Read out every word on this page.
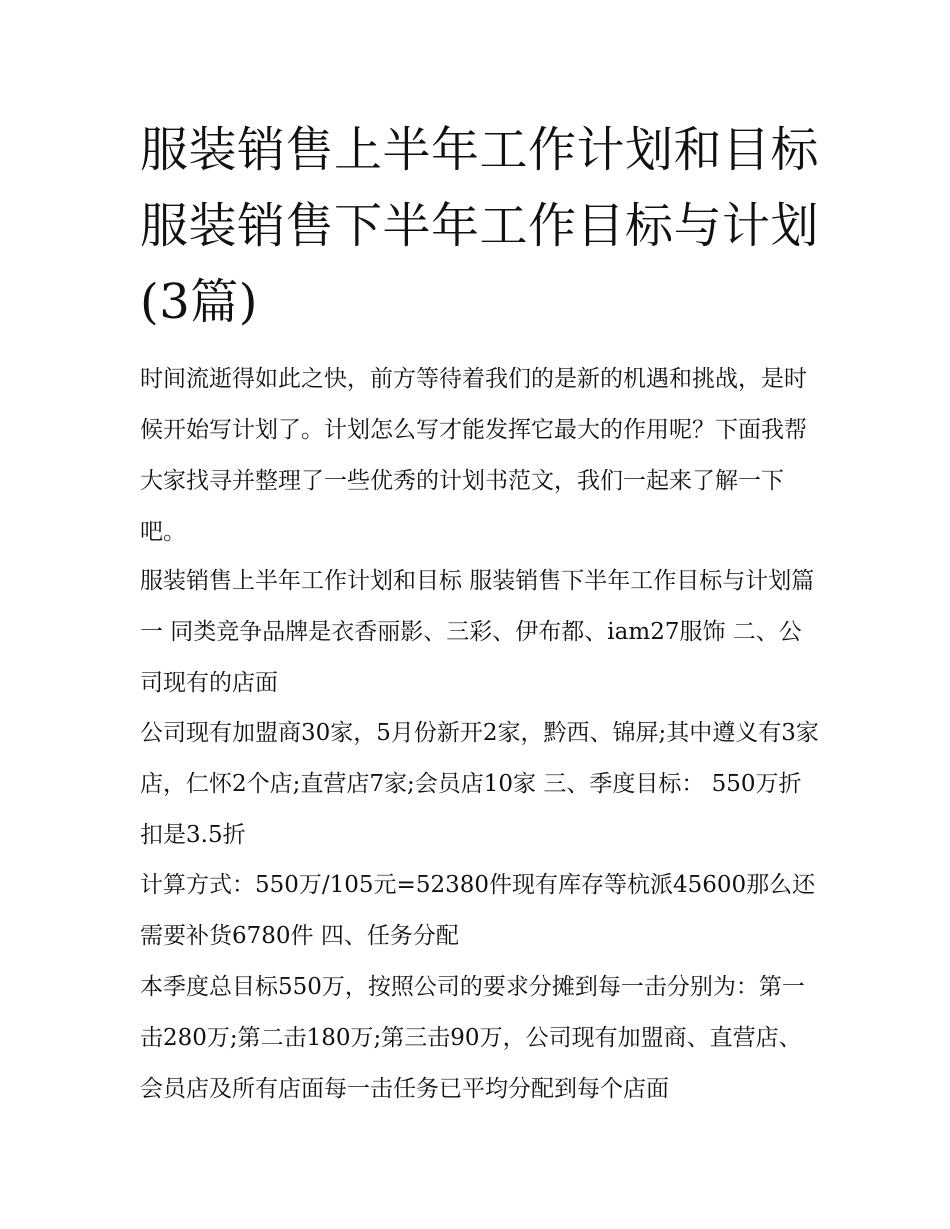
服装销售上半年工作计划和目标 服装销售下半年工作目标与计划(3篇)

时间流逝得如此之快，前方等待着我们的是新的机遇和挑战，是时候开始写计划了。计划怎么写才能发挥它最大的作用呢？下面我帮大家找寻并整理了一些优秀的计划书范文，我们一起来了解一下吧。

服装销售上半年工作计划和目标 服装销售下半年工作目标与计划篇一 同类竞争品牌是衣香丽影、三彩、伊布都、iam27服饰 二、公司现有的店面

公司现有加盟商30家，5月份新开2家，黔西、锦屏;其中遵义有3家店，仁怀2个店;直营店7家;会员店10家 三、季度目标： 550万折扣是3.5折

计算方式：550万/105元=52380件现有库存等杭派45600那么还需要补货6780件 四、任务分配

本季度总目标550万，按照公司的要求分摊到每一击分别为：第一击280万;第二击180万;第三击90万，公司现有加盟商、直营店、会员店及所有店面每一击任务已平均分配到每个店面
